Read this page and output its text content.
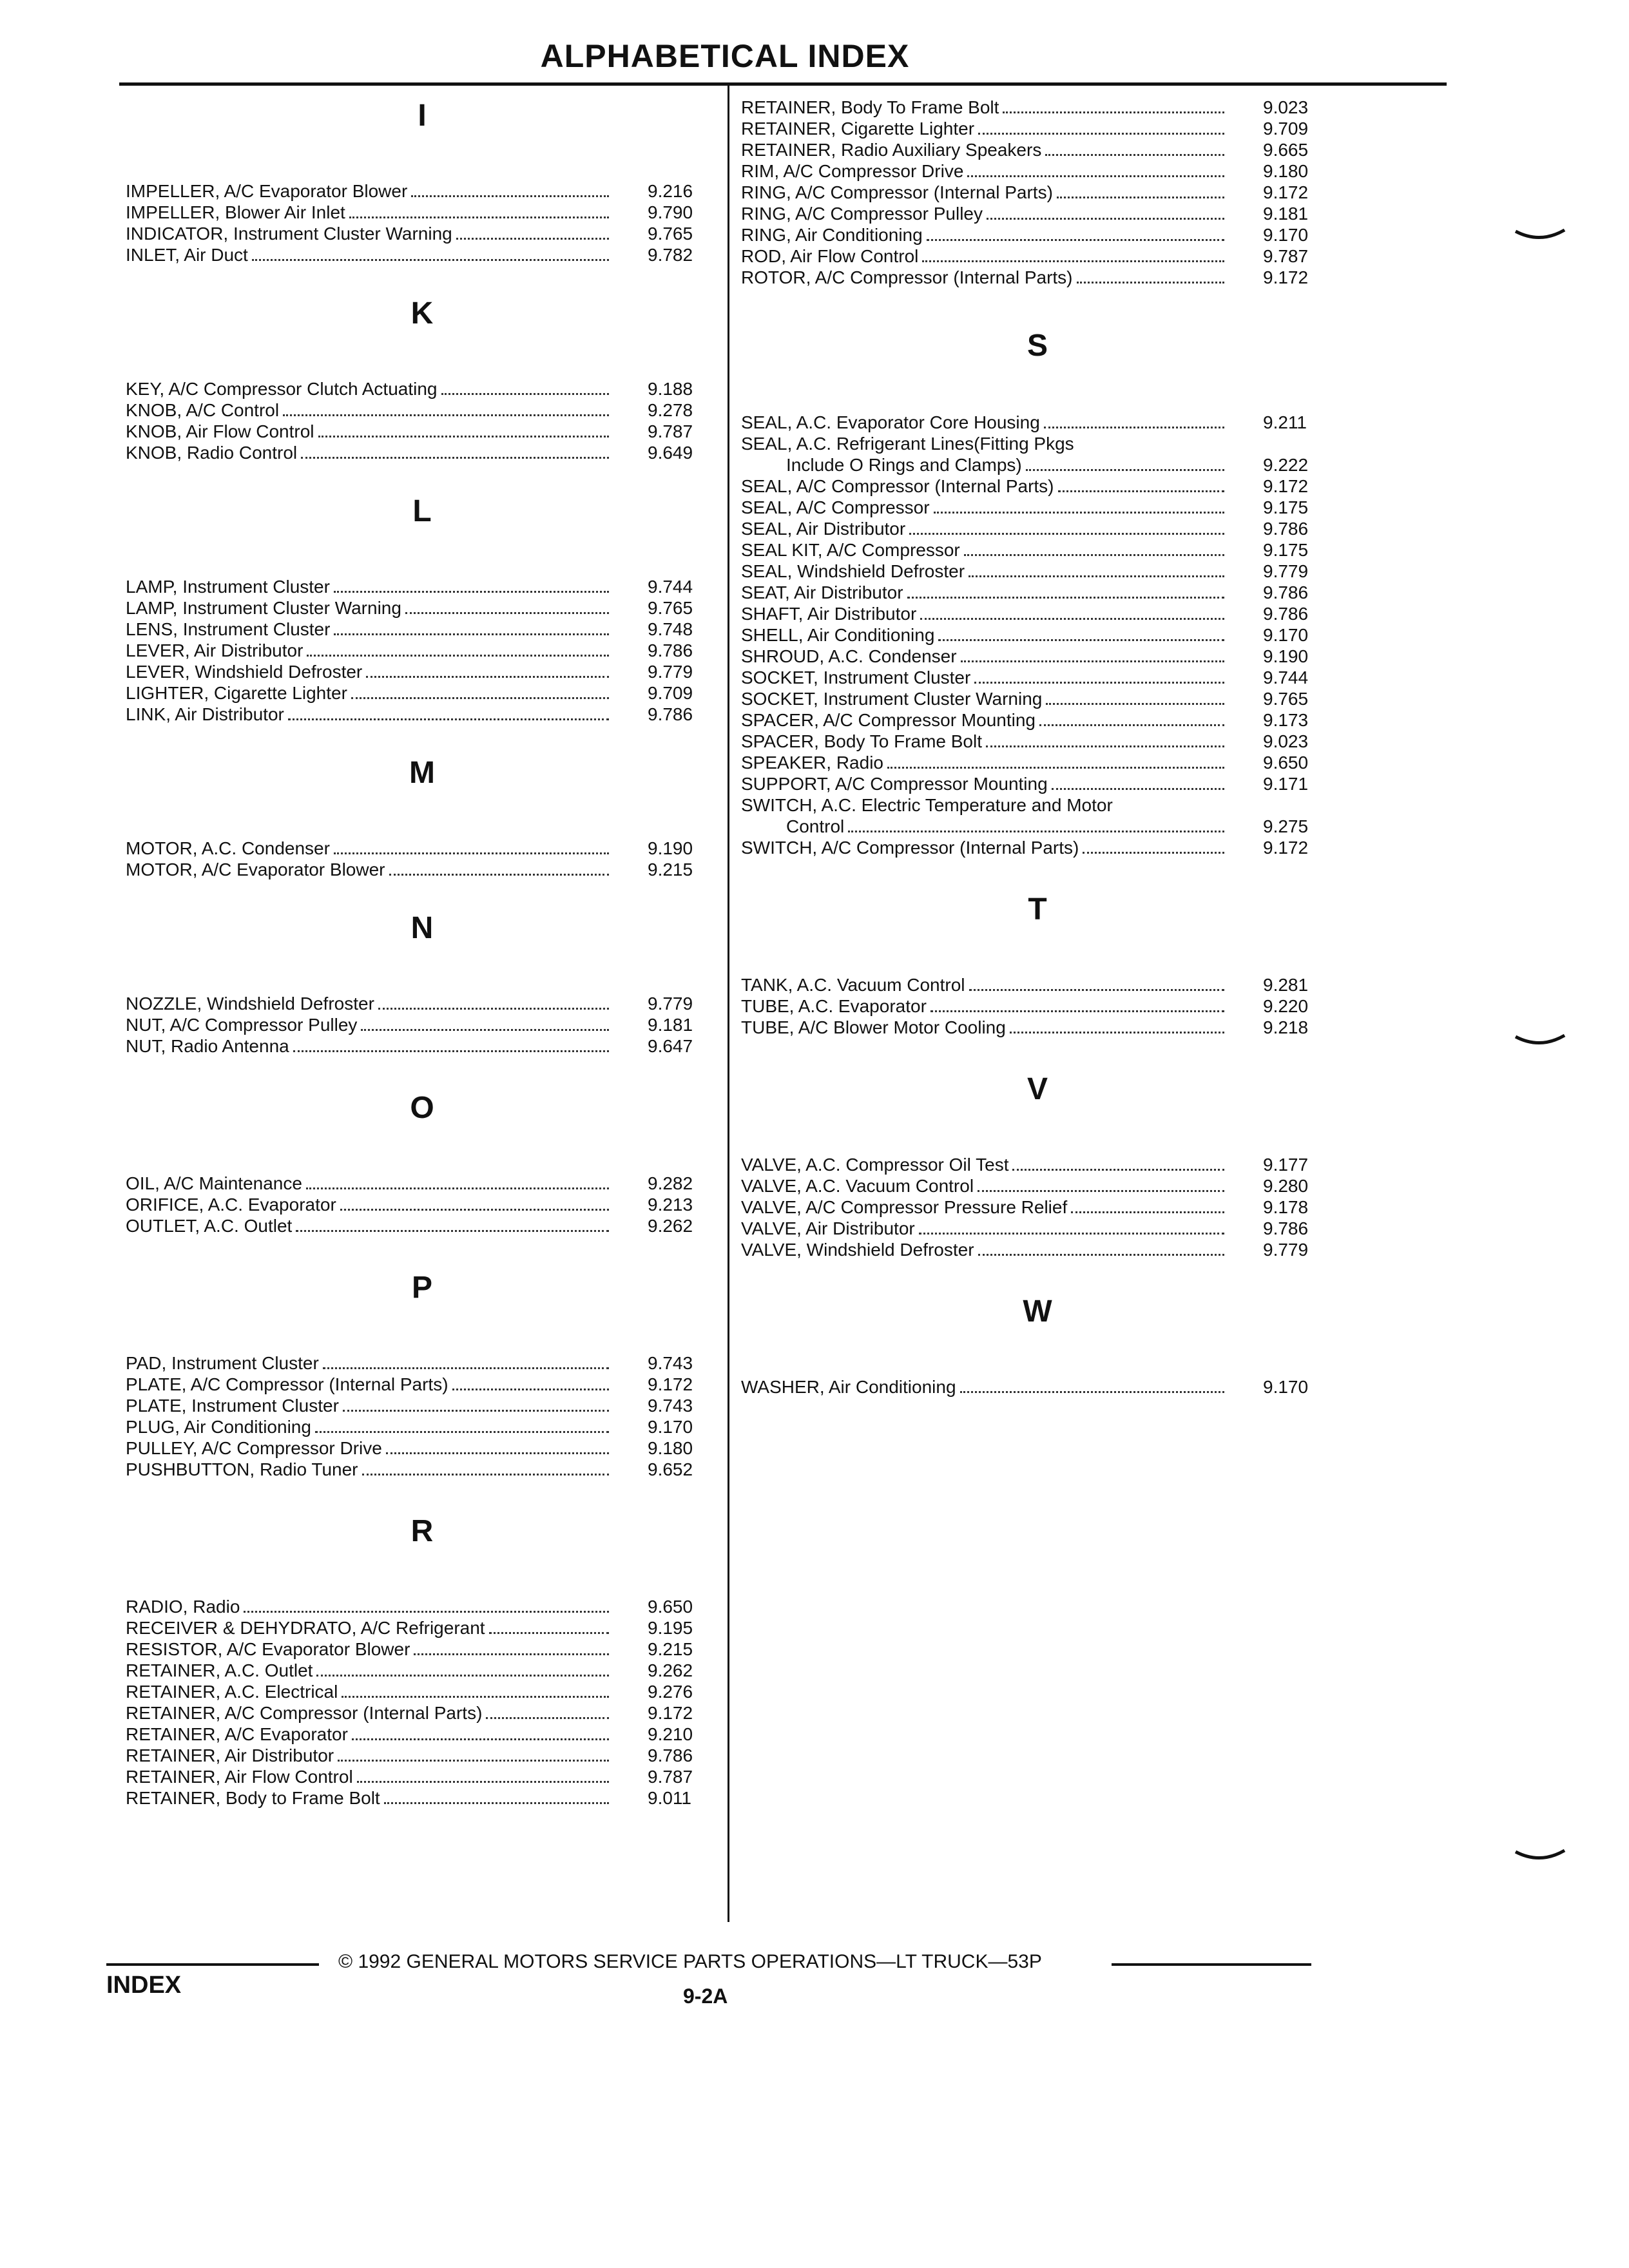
ALPHABETICAL INDEX
I
IMPELLER, A/C Evaporator Blower	9.216
IMPELLER, Blower Air Inlet	9.790
INDICATOR, Instrument Cluster Warning	9.765
INLET, Air Duct	9.782
K
KEY, A/C Compressor Clutch Actuating	9.188
KNOB, A/C Control	9.278
KNOB, Air Flow Control	9.787
KNOB, Radio Control	9.649
L
LAMP, Instrument Cluster	9.744
LAMP, Instrument Cluster Warning	9.765
LENS, Instrument Cluster	9.748
LEVER, Air Distributor	9.786
LEVER, Windshield Defroster	9.779
LIGHTER, Cigarette Lighter	9.709
LINK, Air Distributor	9.786
M
MOTOR, A.C. Condenser	9.190
MOTOR, A/C Evaporator Blower	9.215
N
NOZZLE, Windshield Defroster	9.779
NUT, A/C Compressor Pulley	9.181
NUT, Radio Antenna	9.647
O
OIL, A/C Maintenance	9.282
ORIFICE, A.C. Evaporator	9.213
OUTLET, A.C. Outlet	9.262
P
PAD, Instrument Cluster	9.743
PLATE, A/C Compressor (Internal Parts)	9.172
PLATE, Instrument Cluster	9.743
PLUG, Air Conditioning	9.170
PULLEY, A/C Compressor Drive	9.180
PUSHBUTTON, Radio Tuner	9.652
R
RADIO, Radio	9.650
RECEIVER & DEHYDRATO, A/C Refrigerant	9.195
RESISTOR, A/C Evaporator Blower	9.215
RETAINER, A.C. Outlet	9.262
RETAINER, A.C. Electrical	9.276
RETAINER, A/C Compressor (Internal Parts)	9.172
RETAINER, A/C Evaporator	9.210
RETAINER, Air Distributor	9.786
RETAINER, Air Flow Control	9.787
RETAINER, Body to Frame Bolt	9.011
RETAINER, Body To Frame Bolt	9.023
RETAINER, Cigarette Lighter	9.709
RETAINER, Radio Auxiliary Speakers	9.665
RIM, A/C Compressor Drive	9.180
RING, A/C Compressor (Internal Parts)	9.172
RING, A/C Compressor Pulley	9.181
RING, Air Conditioning	9.170
ROD, Air Flow Control	9.787
ROTOR, A/C Compressor (Internal Parts)	9.172
S
SEAL, A.C. Evaporator Core Housing	9.211
SEAL, A.C. Refrigerant Lines(Fitting Pkgs
Include O Rings and Clamps)	9.222
SEAL, A/C Compressor (Internal Parts)	9.172
SEAL, A/C Compressor	9.175
SEAL, Air Distributor	9.786
SEAL KIT, A/C Compressor	9.175
SEAL, Windshield Defroster	9.779
SEAT, Air Distributor	9.786
SHAFT, Air Distributor	9.786
SHELL, Air Conditioning	9.170
SHROUD, A.C. Condenser	9.190
SOCKET, Instrument Cluster	9.744
SOCKET, Instrument Cluster Warning	9.765
SPACER, A/C Compressor Mounting	9.173
SPACER, Body To Frame Bolt	9.023
SPEAKER, Radio	9.650
SUPPORT, A/C Compressor Mounting	9.171
SWITCH, A.C. Electric Temperature and Motor
Control	9.275
SWITCH, A/C Compressor (Internal Parts)	9.172
T
TANK, A.C. Vacuum Control	9.281
TUBE, A.C. Evaporator	9.220
TUBE, A/C Blower Motor Cooling	9.218
V
VALVE, A.C. Compressor Oil Test	9.177
VALVE, A.C. Vacuum Control	9.280
VALVE, A/C Compressor Pressure Relief	9.178
VALVE, Air Distributor	9.786
VALVE, Windshield Defroster	9.779
W
WASHER, Air Conditioning	9.170
© 1992 GENERAL MOTORS SERVICE PARTS OPERATIONS—LT TRUCK—53P
INDEX	9-2A
